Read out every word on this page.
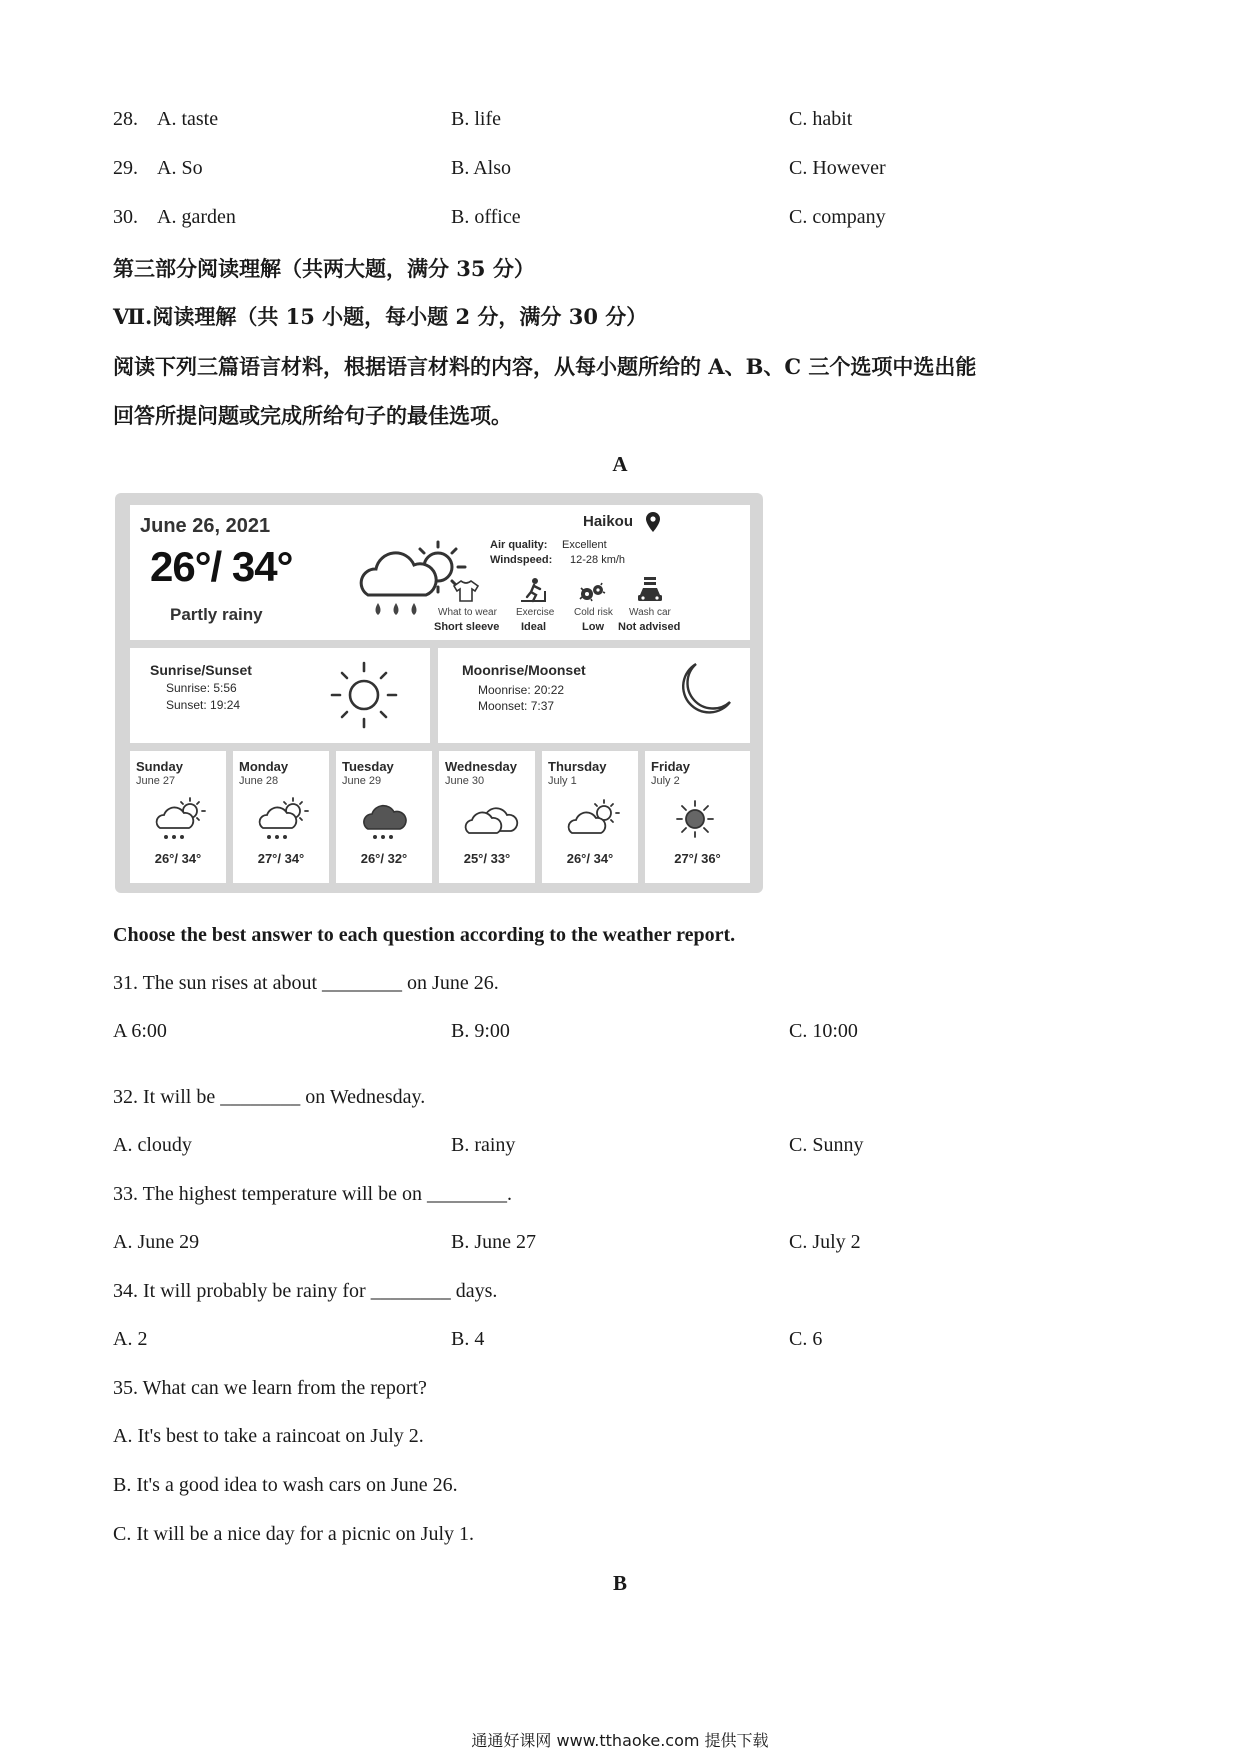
28. A. taste	B. life	C. habit
29. A. So	B. Also	C. However
30. A. garden	B. office	C. company
第三部分阅读理解（共两大题，满分 35 分）
Ⅶ.阅读理解（共 15 小题，每小题 2 分，满分 30 分）
阅读下列三篇语言材料，根据语言材料的内容，从每小题所给的 A、B、C 三个选项中选出能
回答所提问题或完成所给句子的最佳选项。
A
June 26, 2021
26°/ 34°
Partly rainy
Haikou
Air quality: Excellent
Windspeed: 12-28 km/h
What to wear
Short sleeve
Exercise
Ideal
Cold risk
Low
Wash car
Not advised
Sunrise/Sunset
Sunrise: 5:56
Sunset: 19:24
Moonrise/Moonset
Moonrise: 20:22
Moonset: 7:37
Sunday
June 27
26°/ 34°
Monday
June 28
27°/ 34°
Tuesday
June 29
26°/ 32°
Wednesday
June 30
25°/ 33°
Thursday
July 1
26°/ 34°
Friday
July 2
27°/ 36°
Choose the best answer to each question according to the weather report.
31. The sun rises at about ________ on June 26.
A 6:00	B. 9:00	C. 10:00
32. It will be ________ on Wednesday.
A. cloudy	B. rainy	C. Sunny
33. The highest temperature will be on ________.
A. June 29	B. June 27	C. July 2
34. It will probably be rainy for ________ days.
A. 2	B. 4	C. 6
35. What can we learn from the report?
A. It's best to take a raincoat on July 2.
B. It's a good idea to wash cars on June 26.
C. It will be a nice day for a picnic on July 1.
B
通通好课网 www.tthaoke.com 提供下载
